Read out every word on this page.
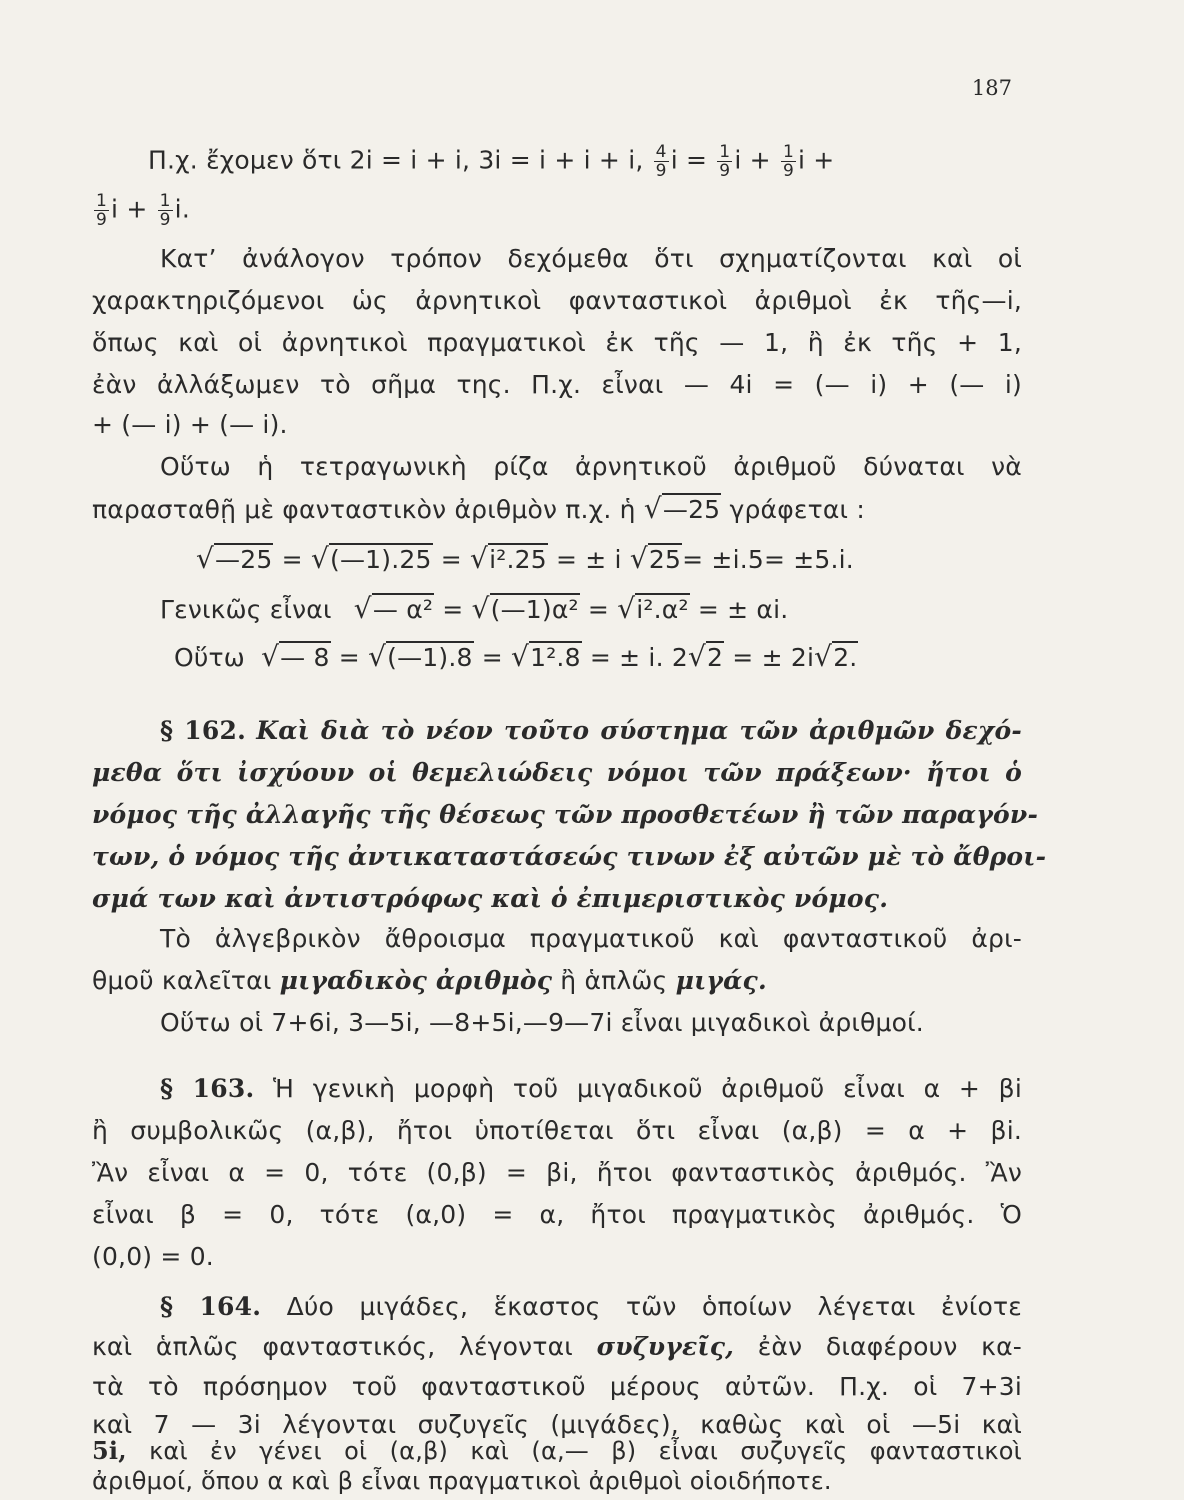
187
Π.χ. ἔχομεν ὅτι 2i = i + i, 3i = i + i + i, $\frac{4}{9}$ $i = \frac{1}{9}$ $i + \frac{1}{9}$ i +
$\frac{1}{9}$ $i + \frac{1}{9} i$.
Κατ’ ἀνάλογον τρόπον δεχόμεθα ὅτι σχηματίζονται καὶ οἱ
χαρακτηριζόμενοι ὡς ἀρνητικοὶ φανταστικοὶ ἀριθμοὶ ἐκ τῆς—i,
ὅπως καὶ οἱ ἀρνητικοὶ πραγματικοὶ ἐκ τῆς — 1, ἢ ἐκ τῆς + 1,
ἐὰν ἀλλάξωμεν τὸ σῆμα της. Π.χ. εἶναι — 4i = (— i) + (— i)
+ (— i) + (— i).
Οὕτω ἡ τετραγωνικὴ ρίζα ἀρνητικοῦ ἀριθμοῦ δύναται νὰ
παρασταθῇ μὲ φανταστικὸν ἀριθμὸν π.χ. ἡ √—25 γράφεται :
√—25 = √(—1).25 = √i².25 = ± i √25= ±i.5= ±5.i.
Γενικῶς εἶναι √— α² = √(—1)α² = √i².α² = ± αi.
Οὕτω √— 8 = √(—1).8 = √1².8 = ± i. 2√2 = ± 2i√2.
§ 162. Καὶ διὰ τὸ νέον τοῦτο σύστημα τῶν ἀριθμῶν δεχό-
μεθα ὅτι ἰσχύουν οἱ θεμελιώδεις νόμοι τῶν πράξεων· ἤτοι ὁ
νόμος τῆς ἀλλαγῆς τῆς θέσεως τῶν προσθετέων ἢ τῶν παραγόν-
των, ὁ νόμος τῆς ἀντικαταστάσεώς τινων ἐξ αὐτῶν μὲ τὸ ἄθροι-
σμά των καὶ ἀντιστρόφως καὶ ὁ ἐπιμεριστικὸς νόμος.
Τὸ ἀλγεβρικὸν ἄθροισμα πραγματικοῦ καὶ φανταστικοῦ ἀρι-
θμοῦ καλεῖται μιγαδικὸς ἀριθμὸς ἢ ἁπλῶς μιγάς.
Οὕτω οἱ 7+6i, 3—5i, —8+5i,—9—7i εἶναι μιγαδικοὶ ἀριθμοί.
§ 163. Ἡ γενικὴ μορφὴ τοῦ μιγαδικοῦ ἀριθμοῦ εἶναι α + βi
ἢ συμβολικῶς (α,β), ἤτοι ὑποτίθεται ὅτι εἶναι (α,β) = α + βi.
Ἂν εἶναι α = 0, τότε (0,β) = βi, ἤτοι φανταστικὸς ἀριθμός. Ἂν
εἶναι β = 0, τότε (α,0) = α, ἤτοι πραγματικὸς ἀριθμός. Ὁ
(0,0) = 0.
§ 164. Δύο μιγάδες, ἕκαστος τῶν ὁποίων λέγεται ἐνίοτε
καὶ ἁπλῶς φανταστικός, λέγονται συζυγεῖς, ἐὰν διαφέρουν κα-
τὰ τὸ πρόσημον τοῦ φανταστικοῦ μέρους αὐτῶν. Π.χ. οἱ 7+3i
καὶ 7 — 3i λέγονται συζυγεῖς (μιγάδες), καθὼς καὶ οἱ —5i καὶ
5i, καὶ ἐν γένει οἱ (α,β) καὶ (α,— β) εἶναι συζυγεῖς φανταστικοὶ
ἀριθμοί, ὅπου α καὶ β εἶναι πραγματικοὶ ἀριθμοὶ οἱοιδήποτε.
